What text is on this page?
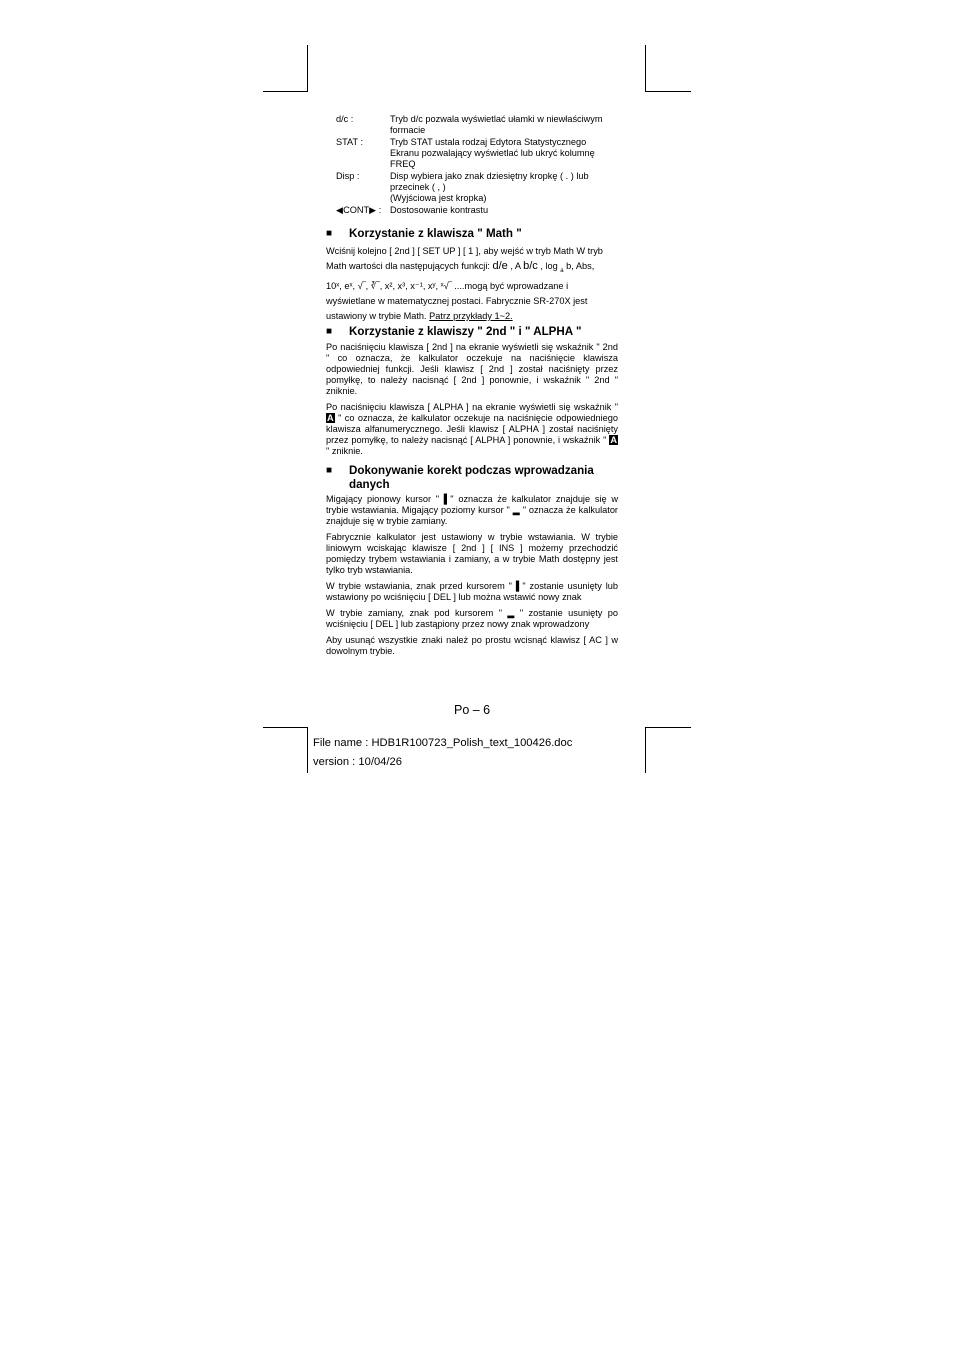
d/c :	Tryb d/c pozwala wyświetlać ułamki w niewłaściwym
formacie
STAT :	Tryb STAT ustala rodzaj Edytora Statystycznego
Ekranu pozwalający wyświetlać lub ukryć kolumnę
FREQ
Disp :	Disp wybiera jako znak dziesiętny kropkę ( . ) lub
przecinek ( , )
(Wyjściowa jest kropka)
◀CONT▶ : Dostosowanie kontrastu
■	Korzystanie z klawisza " Math "

Wciśnij kolejno [ 2nd ] [ SET UP ] [ 1 ], aby wejść w tryb Math W tryb

Math wartości dla następujących funkcji: d/e , A b/c , log $_a$ b, Abs,

10ˣ, eˣ, √‾, ∛‾, x², x³, x⁻¹, xʸ, ˣ√‾ ....mogą być wprowadzane i

wyświetlane w matematycznej postaci. Fabrycznie SR-270X jest

ustawiony w trybie Math. Patrz przykłady 1~2.

■	Korzystanie z klawiszy " 2nd " i " ALPHA "

Po naciśnięciu klawisza [ 2nd ] na ekranie wyświetli się wskaźnik " 2nd " co oznacza, że kalkulator oczekuje na naciśnięcie klawisza odpowiedniej funkcji. Jeśli klawisz [ 2nd ] został naciśnięty przez pomyłkę, to należy nacisnąć [ 2nd ] ponownie, i wskaźnik " 2nd " zniknie.

Po naciśnięciu klawisza [ ALPHA ] na ekranie wyświetli się wskaźnik " A " co oznacza, że kalkulator oczekuje na naciśnięcie odpowiedniego klawisza alfanumerycznego. Jeśli klawisz [ ALPHA ] został naciśnięty przez pomyłkę, to należy nacisnąć [ ALPHA ] ponownie, i wskaźnik " A " zniknie.

■	Dokonywanie korekt podczas wprowadzania
danych

Migający pionowy kursor " ▌" oznacza że kalkulator znajduje się w trybie wstawiania. Migający poziomy kursor " ▂ " oznacza że kalkulator znajduje się w trybie zamiany.

Fabrycznie kalkulator jest ustawiony w trybie wstawiania. W trybie liniowym wciskając klawisze [ 2nd ] [ INS ] możemy przechodzić pomiędzy trybem wstawiania i zamiany, a w trybie Math dostępny jest tylko tryb wstawiania.

W trybie wstawiania, znak przed kursorem " ▌" zostanie usunięty lub wstawiony po wciśnięciu [ DEL ] lub można wstawić nowy znak

W trybie zamiany, znak pod kursorem " ▂ " zostanie usunięty po wciśnięciu [ DEL ] lub zastąpiony przez nowy znak wprowadzony

Aby usunąć wszystkie znaki należ po prostu wcisnąć klawisz [ AC ] w dowolnym trybie.

Po – 6
File name : HDB1R100723_Polish_text_100426.doc
version : 10/04/26
